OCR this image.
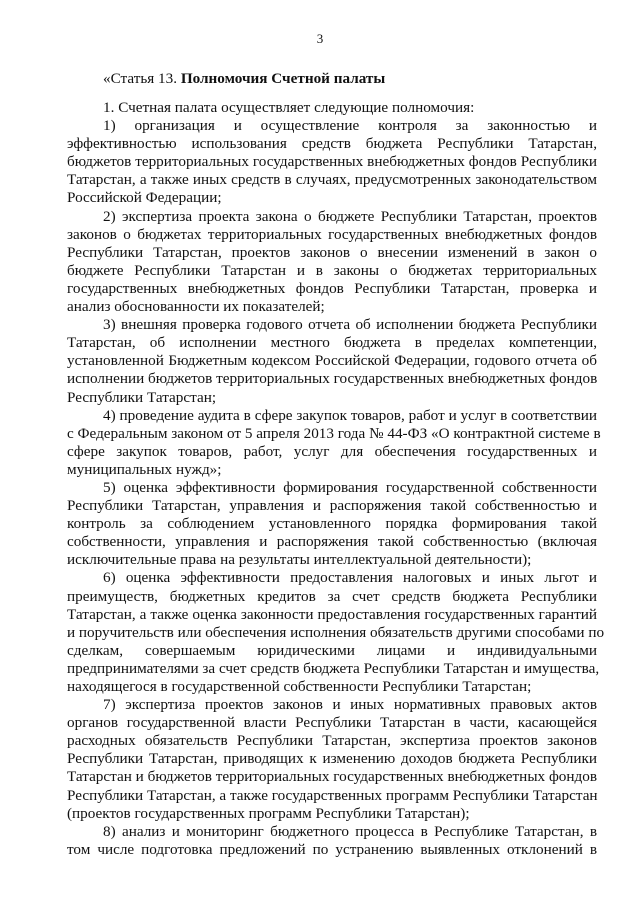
3
«Статья 13. Полномочия Счетной палаты
1. Счетная палата осуществляет следующие полномочия:
1) организация и осуществление контроля за законностью и
эффективностью использования средств бюджета Республики Татарстан,
бюджетов территориальных государственных внебюджетных фондов Республики
Татарстан, а также иных средств в случаях, предусмотренных законодательством
Российской Федерации;
2) экспертиза проекта закона о бюджете Республики Татарстан, проектов
законов о бюджетах территориальных государственных внебюджетных фондов
Республики Татарстан, проектов законов о внесении изменений в закон о
бюджете Республики Татарстан и в законы о бюджетах территориальных
государственных внебюджетных фондов Республики Татарстан, проверка и
анализ обоснованности их показателей;
3) внешняя проверка годового отчета об исполнении бюджета Республики
Татарстан, об исполнении местного бюджета в пределах компетенции,
установленной Бюджетным кодексом Российской Федерации, годового отчета об
исполнении бюджетов территориальных государственных внебюджетных фондов
Республики Татарстан;
4) проведение аудита в сфере закупок товаров, работ и услуг в соответствии
с Федеральным законом от 5 апреля 2013 года № 44-ФЗ «О контрактной системе в
сфере закупок товаров, работ, услуг для обеспечения государственных и
муниципальных нужд»;
5) оценка эффективности формирования государственной собственности
Республики Татарстан, управления и распоряжения такой собственностью и
контроль за соблюдением установленного порядка формирования такой
собственности, управления и распоряжения такой собственностью (включая
исключительные права на результаты интеллектуальной деятельности);
6) оценка эффективности предоставления налоговых и иных льгот и
преимуществ, бюджетных кредитов за счет средств бюджета Республики
Татарстан, а также оценка законности предоставления государственных гарантий
и поручительств или обеспечения исполнения обязательств другими способами по
сделкам, совершаемым юридическими лицами и индивидуальными
предпринимателями за счет средств бюджета Республики Татарстан и имущества,
находящегося в государственной собственности Республики Татарстан;
7) экспертиза проектов законов и иных нормативных правовых актов
органов государственной власти Республики Татарстан в части, касающейся
расходных обязательств Республики Татарстан, экспертиза проектов законов
Республики Татарстан, приводящих к изменению доходов бюджета Республики
Татарстан и бюджетов территориальных государственных внебюджетных фондов
Республики Татарстан, а также государственных программ Республики Татарстан
(проектов государственных программ Республики Татарстан);
8) анализ и мониторинг бюджетного процесса в Республике Татарстан, в
том числе подготовка предложений по устранению выявленных отклонений в
